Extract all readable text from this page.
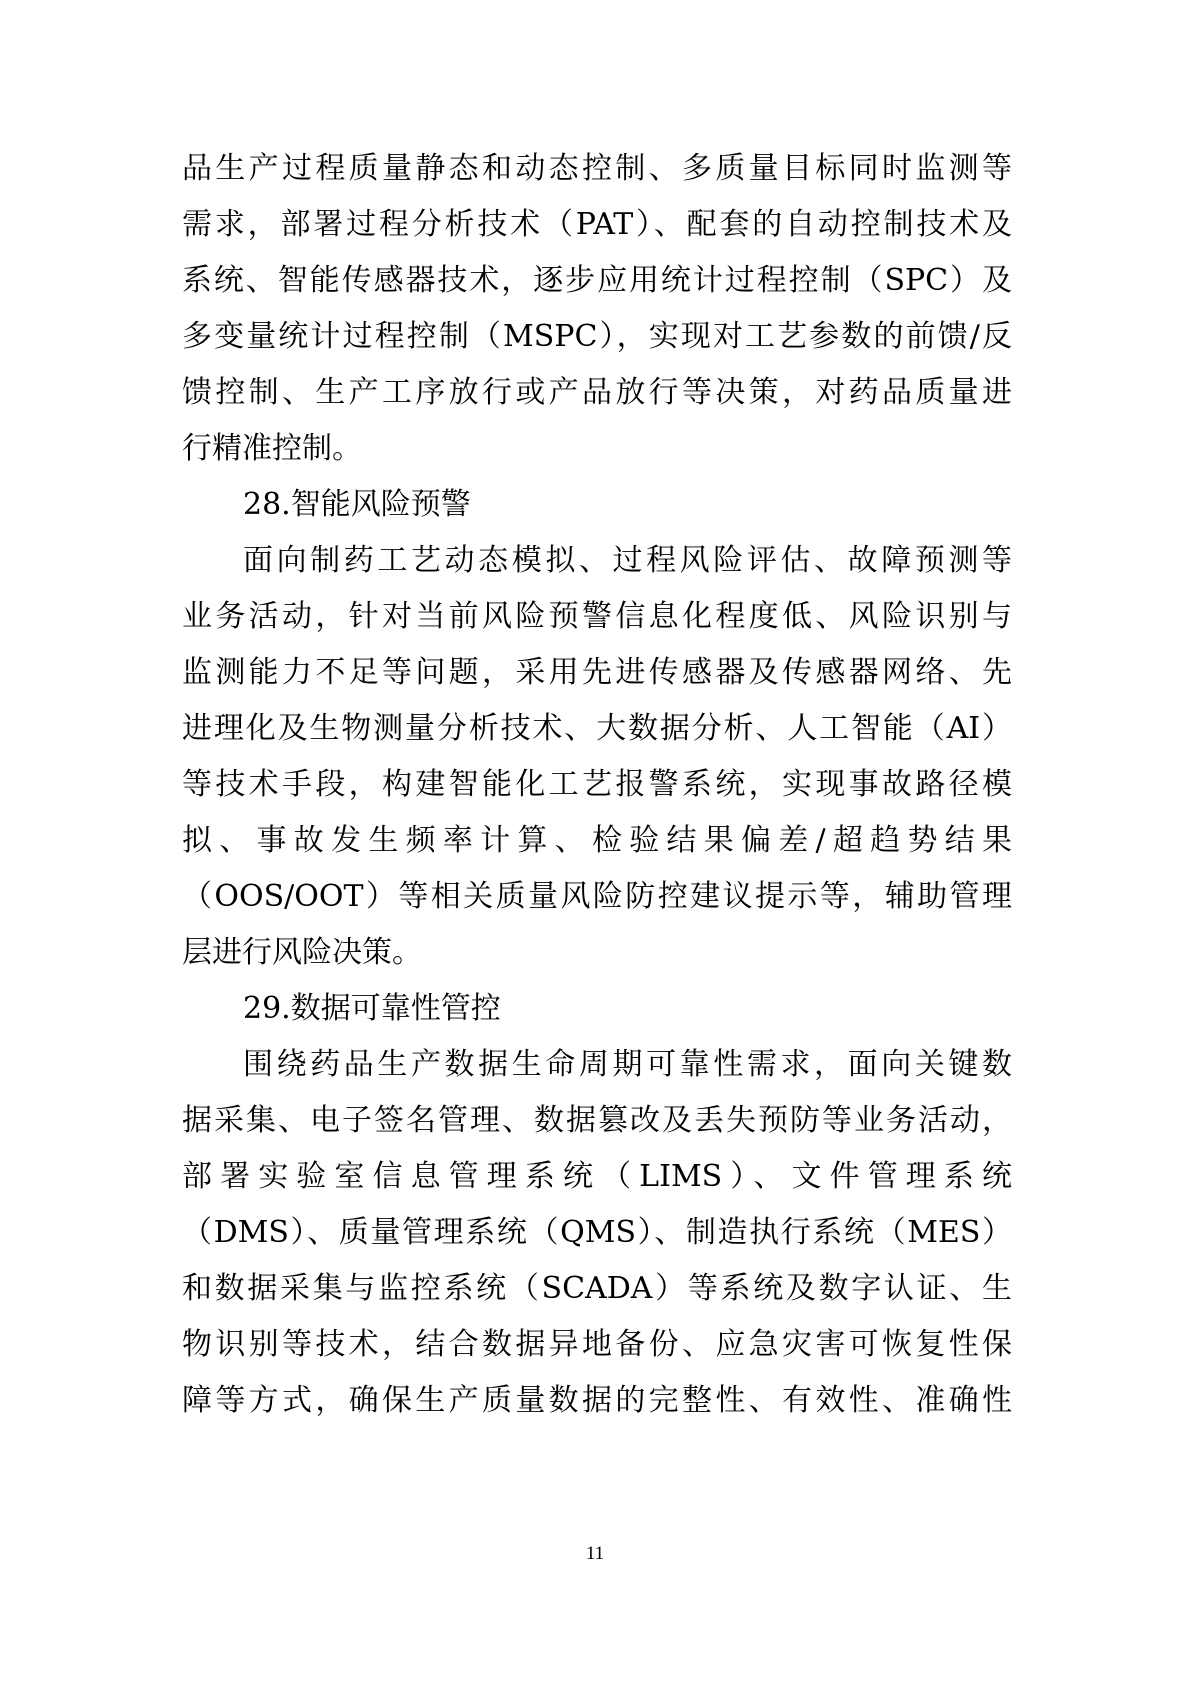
品生产过程质量静态和动态控制、多质量目标同时监测等
需求，部署过程分析技术（PAT）、配套的自动控制技术及
系统、智能传感器技术，逐步应用统计过程控制（SPC）及
多变量统计过程控制（MSPC），实现对工艺参数的前馈/反
馈控制、生产工序放行或产品放行等决策，对药品质量进
行精准控制。
28.智能风险预警
面向制药工艺动态模拟、过程风险评估、故障预测等
业务活动，针对当前风险预警信息化程度低、风险识别与
监测能力不足等问题，采用先进传感器及传感器网络、先
进理化及生物测量分析技术、大数据分析、人工智能（AI）
等技术手段，构建智能化工艺报警系统，实现事故路径模
拟、事故发生频率计算、检验结果偏差/超趋势结果
（OOS/OOT）等相关质量风险防控建议提示等，辅助管理
层进行风险决策。
29.数据可靠性管控
围绕药品生产数据生命周期可靠性需求，面向关键数
据采集、电子签名管理、数据篡改及丢失预防等业务活动，
部署实验室信息管理系统（LIMS）、文件管理系统
（DMS）、质量管理系统（QMS）、制造执行系统（MES）
和数据采集与监控系统（SCADA）等系统及数字认证、生
物识别等技术，结合数据异地备份、应急灾害可恢复性保
障等方式，确保生产质量数据的完整性、有效性、准确性
11
